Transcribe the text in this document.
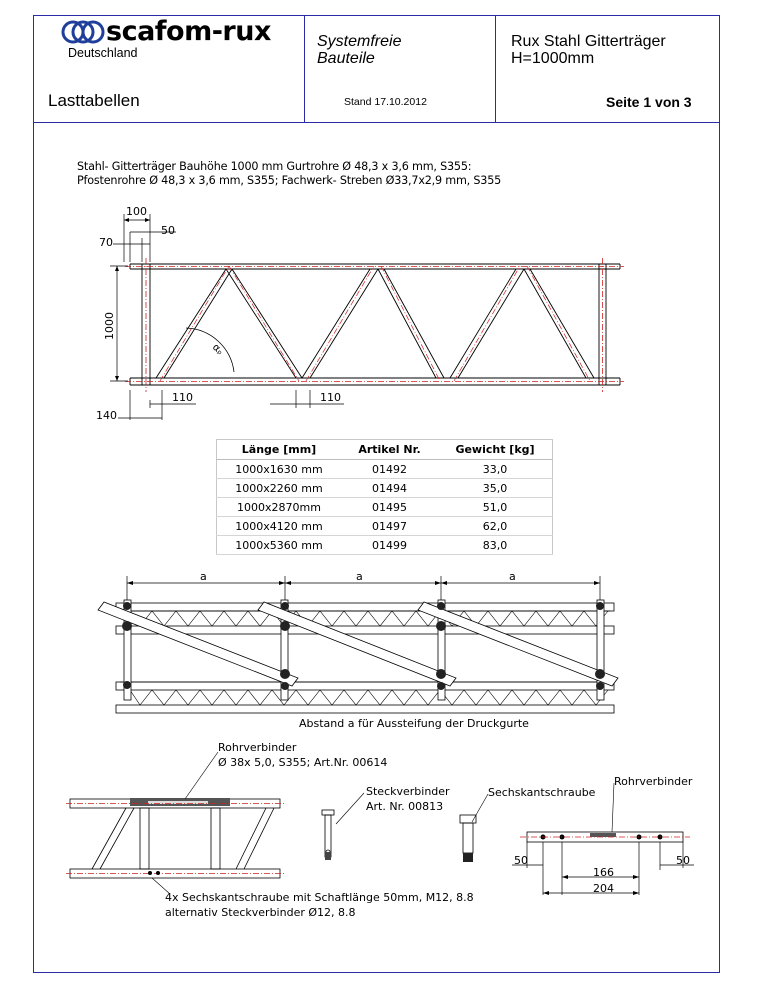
scafom-rux
Deutschland
Systemfreie
Bauteile
Rux Stahl Gitterträger
H=1000mm
Lasttabellen	Stand 17.10.2012	Seite 1 von 3
Stahl- Gitterträger Bauhöhe 1000 mm Gurtrohre Ø 48,3 x 3,6 mm, S355:
Pfostenrohre Ø 48,3 x 3,6 mm, S355; Fachwerk- Streben Ø33,7x2,9 mm, S355
αₚ
100
50
70
1000
140
110	110
Länge [mm]	Artikel Nr.	Gewicht [kg]
1000x1630 mm	01492	33,0
1000x2260 mm	01494	35,0
1000x2870mm	01495	51,0
1000x4120 mm	01497	62,0
1000x5360 mm	01499	83,0
a	a	a
Abstand a für Aussteifung der Druckgurte
50	50
166
204
Rohrverbinder
Ø 38x 5,0, S355; Art.Nr. 00614
Steckverbinder
Art. Nr. 00813
Sechskantschraube
Rohrverbinder
4x Sechskantschraube mit Schaftlänge 50mm, M12, 8.8
alternativ Steckverbinder Ø12, 8.8
